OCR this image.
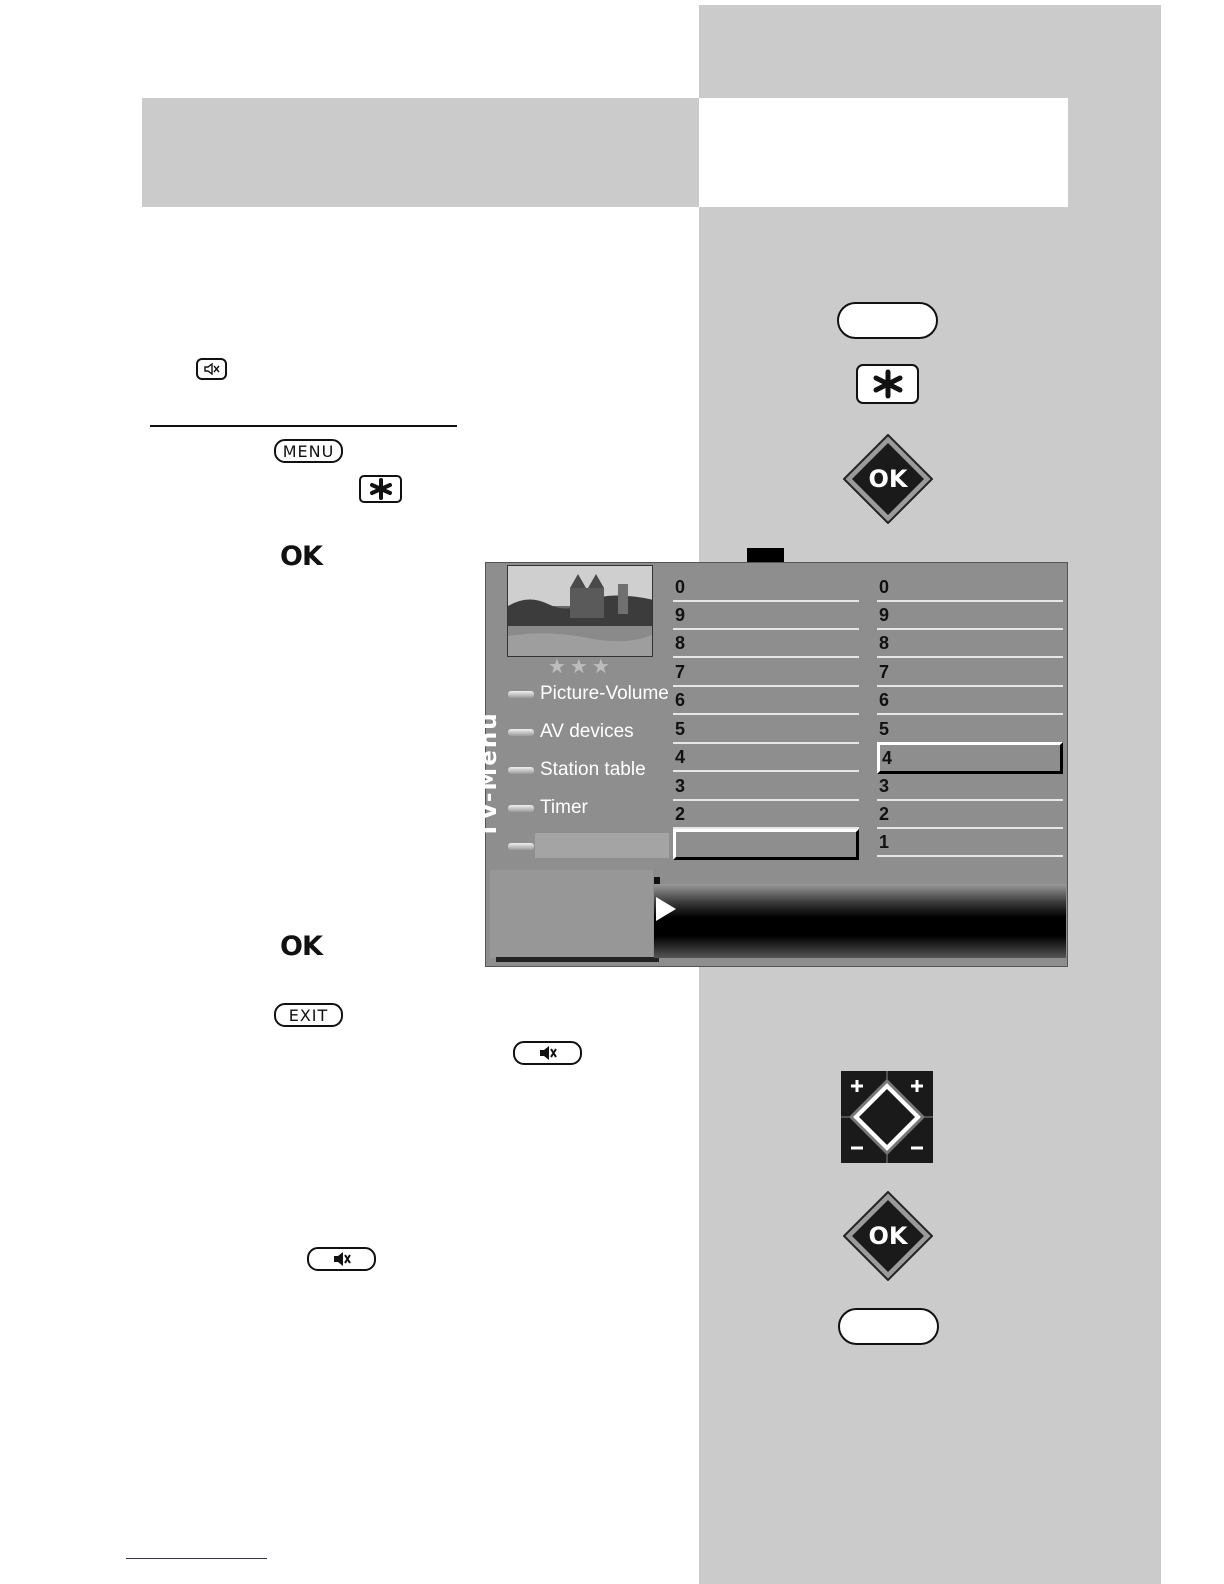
MENU
OK
OK
EXIT
OK
OK
★★★
TV-Menu
Picture-Volume
AV devices
Station table
Timer
0
9
8
7
6
5
4
3
2
0
9
8
7
6
5
4
3
2
1
